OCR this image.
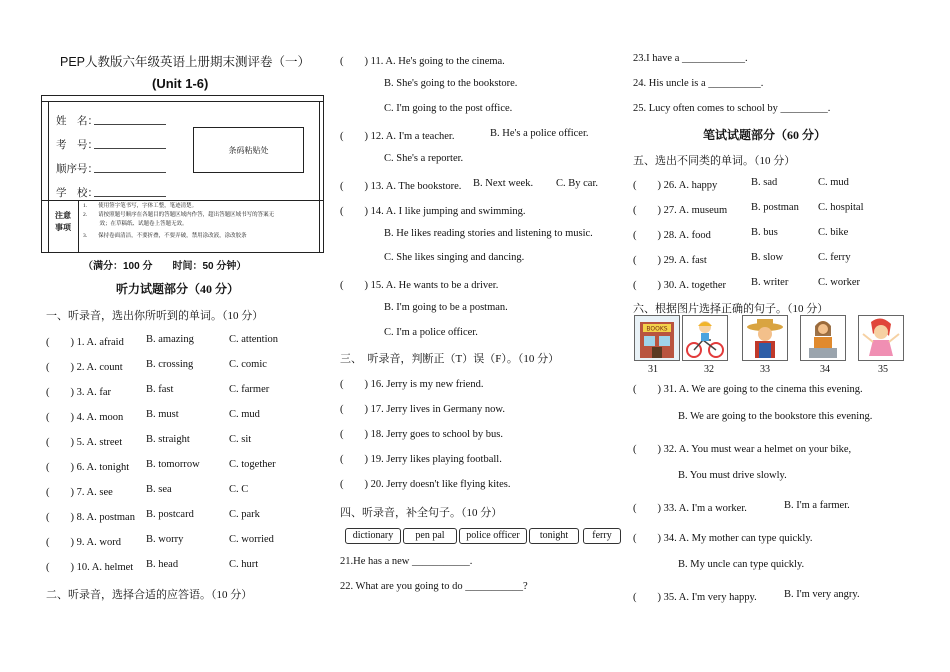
PEP人教版六年级英语上册期末测评卷（一）
(Unit 1-6)
姓　名：
考　号：
顺序号：
学　校：
条码粘贴处
注意
事项
1.　　使用签字笔书写，字体工整，笔迹清楚。
2.　　请按照题号顺序在各题目的答题区域内作答，超出答题区域书写的答案无
　　　效；在草稿纸、试题卷上答题无效。
3.　　保持卷面清洁，不要折叠，不要弄破，禁用涂改液，涂改胶条
（满分：100 分　　时间：50 分钟）
听力试题部分（40 分）
一、听录音，选出你所听到的单词。（10 分）
(　　) 1. A. afraid B. amazing	C. attention
(　　) 2. A. count B. crossing	C. comic
(　　) 3. A. far	B. fast	C. farmer
(　　) 4. A. moon B. must	C. mud
(　　) 5. A. street B. straight	C. sit
(　　) 6. A. tonight B. tomorrow	C. together
(　　) 7. A. see	B. sea	C. C
(　　) 8. A. postman B. postcard	C. park
(　　) 9. A. word B. worry	C. worried
(　　) 10. A. helmet B. head	C. hurt
二、听录音，选择合适的应答语。（10 分）
(　　) 11. A. He's going to the cinema.
B. She's going to the bookstore.
C. I'm going to the post office.
(　　) 12. A. I'm a teacher.	B. He's a police officer.
C. She's a reporter.
(　　) 13. A. The bookstore. B. Next week. C. By car.
(　　) 14. A. I like jumping and swimming.
B. He likes reading stories and listening to music.
C. She likes singing and dancing.
(　　) 15. A. He wants to be a driver.
B. I'm going to be a postman.
C. I'm a police officer.
三、　听录音，判断正（T）误（F）。（10 分）
(　　) 16. Jerry is my new friend.
(　　) 17. Jerry lives in Germany now.
(　　) 18. Jerry goes to school by bus.
(　　) 19. Jerry likes playing football.
(　　) 20. Jerry doesn't like flying kites.
四、听录音，补全句子。（10 分）
dictionary	pen pal	police officer	tonight	ferry
21.He has a new ___________.
22. What are you going to do ___________?
23.I have a ____________.
24. His uncle is a __________.
25. Lucy often comes to school by _________.
笔试试题部分（60 分）
五、选出不同类的单词。（10 分）
(　　) 26. A. happy	B. sad	C. mud
(　　) 27. A. museum B. postman C. hospital
(　　) 28. A. food	B. bus	C. bike
(　　) 29. A. fast	B. slow	C. ferry
(　　) 30. A. together B. writer	C. worker
六、根据图片选择正确的句子。（10 分）
BOOKS
31	32	33	34	35
(　　) 31. A. We are going to the cinema this evening.
B. We are going to the bookstore this evening.
(　　) 32. A. You must wear a helmet on your bike,
B. You must drive slowly.
(　　) 33. A. I'm a worker.	B. I'm a farmer.
(　　) 34. A. My mother can type quickly.
B. My uncle can type quickly.
(　　) 35. A. I'm very happy.	B. I'm very angry.
